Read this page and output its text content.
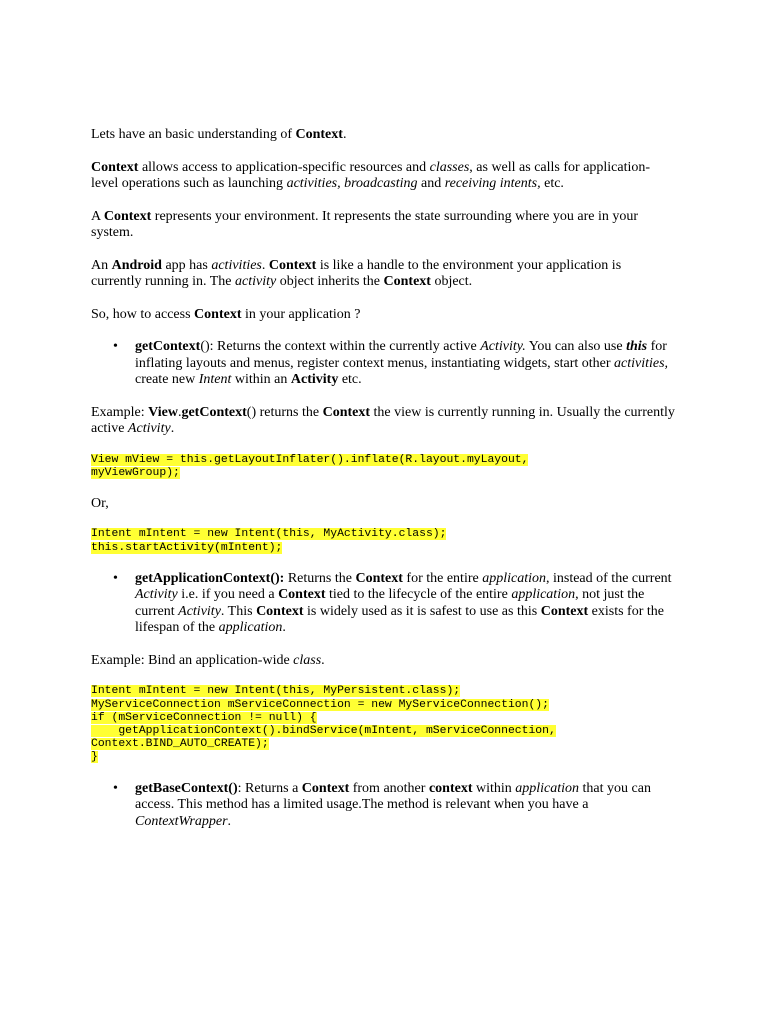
Lets have an basic understanding of Context.

Context allows access to application-specific resources and classes, as well as calls for application-level operations such as launching activities, broadcasting and receiving intents, etc.

A Context represents your environment. It represents the state surrounding where you are in your system.

An Android app has activities. Context is like a handle to the environment your application is currently running in. The activity object inherits the Context object.

So, how to access Context in your application ?

• getContext(): Returns the context within the currently active Activity. You can also use this for inflating layouts and menus, register context menus, instantiating widgets, start other activities, create new Intent within an Activity etc.

Example: View.getContext() returns the Context the view is currently running in. Usually the currently active Activity.

View mView = this.getLayoutInflater().inflate(R.layout.myLayout,
myViewGroup);

Or,

Intent mIntent = new Intent(this, MyActivity.class);
this.startActivity(mIntent);
• getApplicationContext(): Returns the Context for the entire application, instead of the current Activity i.e. if you need a Context tied to the lifecycle of the entire application, not just the current Activity. This Context is widely used as it is safest to use as this Context exists for the lifespan of the application.

Example: Bind an application-wide class.

Intent mIntent = new Intent(this, MyPersistent.class);
MyServiceConnection mServiceConnection = new MyServiceConnection();
if (mServiceConnection != null) {
getApplicationContext().bindService(mIntent, mServiceConnection,
Context.BIND_AUTO_CREATE);
}
• getBaseContext(): Returns a Context from another context within application that you can access. This method has a limited usage.The method is relevant when you have a ContextWrapper.
